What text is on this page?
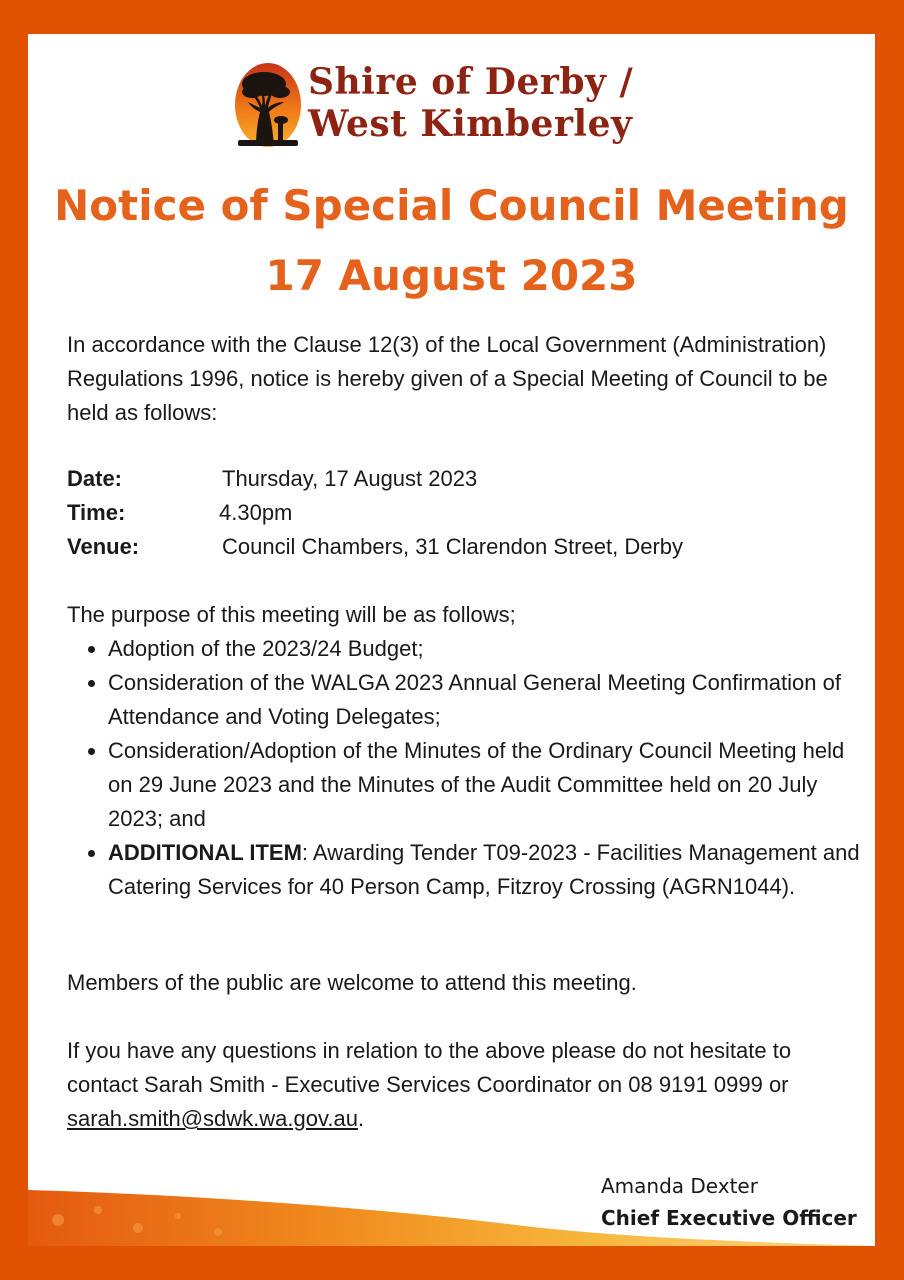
Shire of Derby /
West Kimberley
Notice of Special Council Meeting
17 August 2023

In accordance with the Clause 12(3) of the Local Government (Administration) Regulations 1996, notice is hereby given of a Special Meeting of Council to be held as follows:

Date:	Thursday, 17 August 2023
Time:	4.30pm
Venue:	Council Chambers, 31 Clarendon Street, Derby

The purpose of this meeting will be as follows;

• Adoption of the 2023/24 Budget;
• Consideration of the WALGA 2023 Annual General Meeting Confirmation of Attendance and Voting Delegates;
• Consideration/Adoption of the Minutes of the Ordinary Council Meeting held on 29 June 2023 and the Minutes of the Audit Committee held on 20 July 2023; and
• ADDITIONAL ITEM: Awarding Tender T09-2023 - Facilities Management and Catering Services for 40 Person Camp, Fitzroy Crossing (AGRN1044).

Members of the public are welcome to attend this meeting.

If you have any questions in relation to the above please do not hesitate to contact Sarah Smith - Executive Services Coordinator on 08 9191 0999 or sarah.smith@sdwk.wa.gov.au.

Amanda Dexter
Chief Executive Officer
